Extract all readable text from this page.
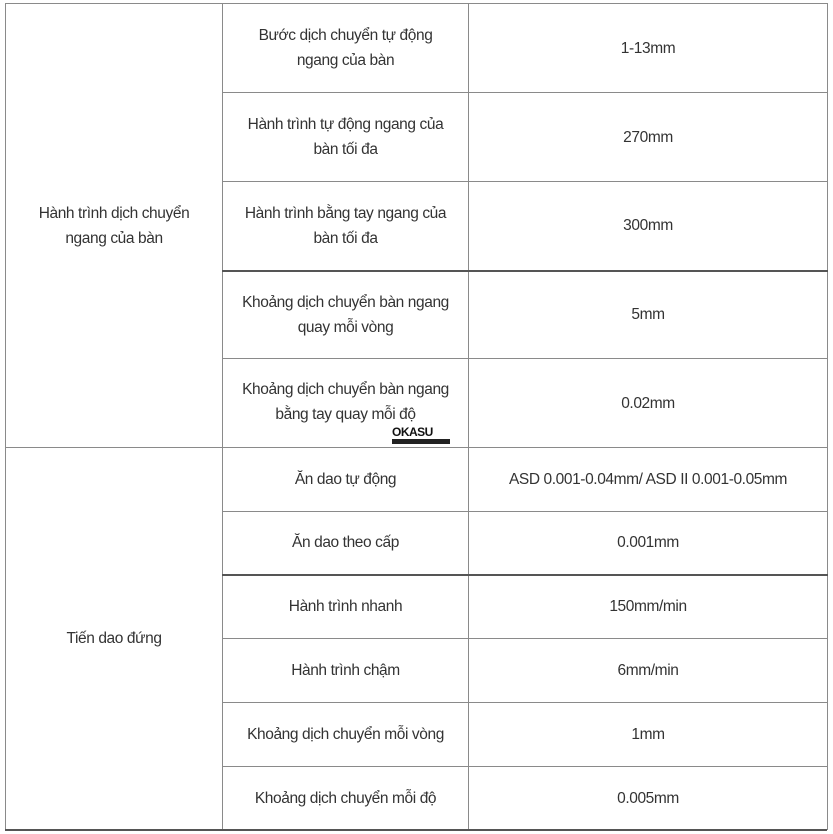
Hành trình dịch chuyển ngang của bàn	Bước dịch chuyển tự động ngang của bàn	1-13mm
	Hành trình tự động ngang của bàn tối đa	270mm
	Hành trình bằng tay ngang của bàn tối đa	300mm
	Khoảng dịch chuyển bàn ngang quay mỗi vòng	5mm
	Khoảng dịch chuyển bàn ngang bằng tay quay mỗi độ	0.02mm
Tiến dao đứng	Ăn dao tự động	ASD 0.001-0.04mm/ ASD II 0.001-0.05mm
	Ăn dao theo cấp	0.001mm
	Hành trình nhanh	150mm/min
	Hành trình chậm	6mm/min
	Khoảng dịch chuyển mỗi vòng	1mm
	Khoảng dịch chuyển mỗi độ	0.005mm
OKASU
